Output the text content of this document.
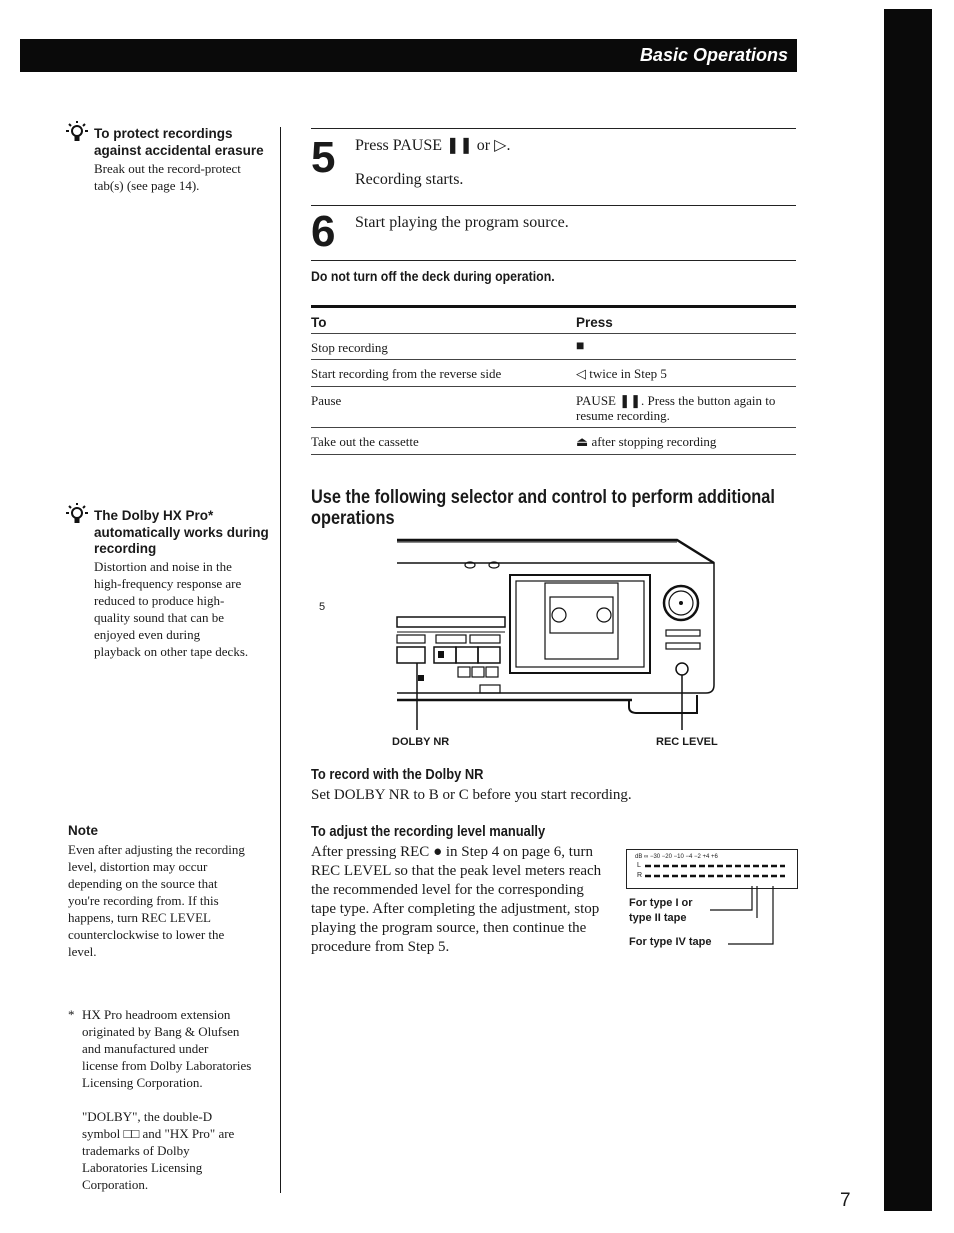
Basic Operations
7
To protect recordings
against accidental erasure
Break out the record-protect
tab(s) (see page 14).
The Dolby HX Pro*
automatically works during
recording
Distortion and noise in the
high-frequency response are
reduced to produce high-
quality sound that can be
enjoyed even during
playback on other tape decks.
Note
Even after adjusting the recording
level, distortion may occur
depending on the source that
you're recording from. If this
happens, turn REC LEVEL
counterclockwise to lower the
level.
* HX Pro headroom extension
originated by Bang & Olufsen
and manufactured under
license from Dolby Laboratories
Licensing Corporation.
"DOLBY", the double-D
symbol □□ and "HX Pro" are
trademarks of Dolby
Laboratories Licensing
Corporation.
5 Press PAUSE ❚❚ or ▷.
Recording starts.
6 Start playing the program source.
Do not turn off the deck during operation.
To	Press
Stop recording	■
Start recording from the reverse side	◁ twice in Step 5
Pause	PAUSE ❚❚. Press the button again to resume recording.
Take out the cassette	⏏ after stopping recording
Use the following selector and control to perform additional operations
5
DOLBY NR	REC LEVEL
To record with the Dolby NR
Set DOLBY NR to B or C before you start recording.
To adjust the recording level manually
After pressing REC ● in Step 4 on page 6, turn
REC LEVEL so that the peak level meters reach
the recommended level for the corresponding
tape type. After completing the adjustment, stop
playing the program source, then continue the
procedure from Step 5.
dB ∞ −30 −20 −10 −4 −2 +4 +6
L
R
For type I or
type II tape
For type IV tape
